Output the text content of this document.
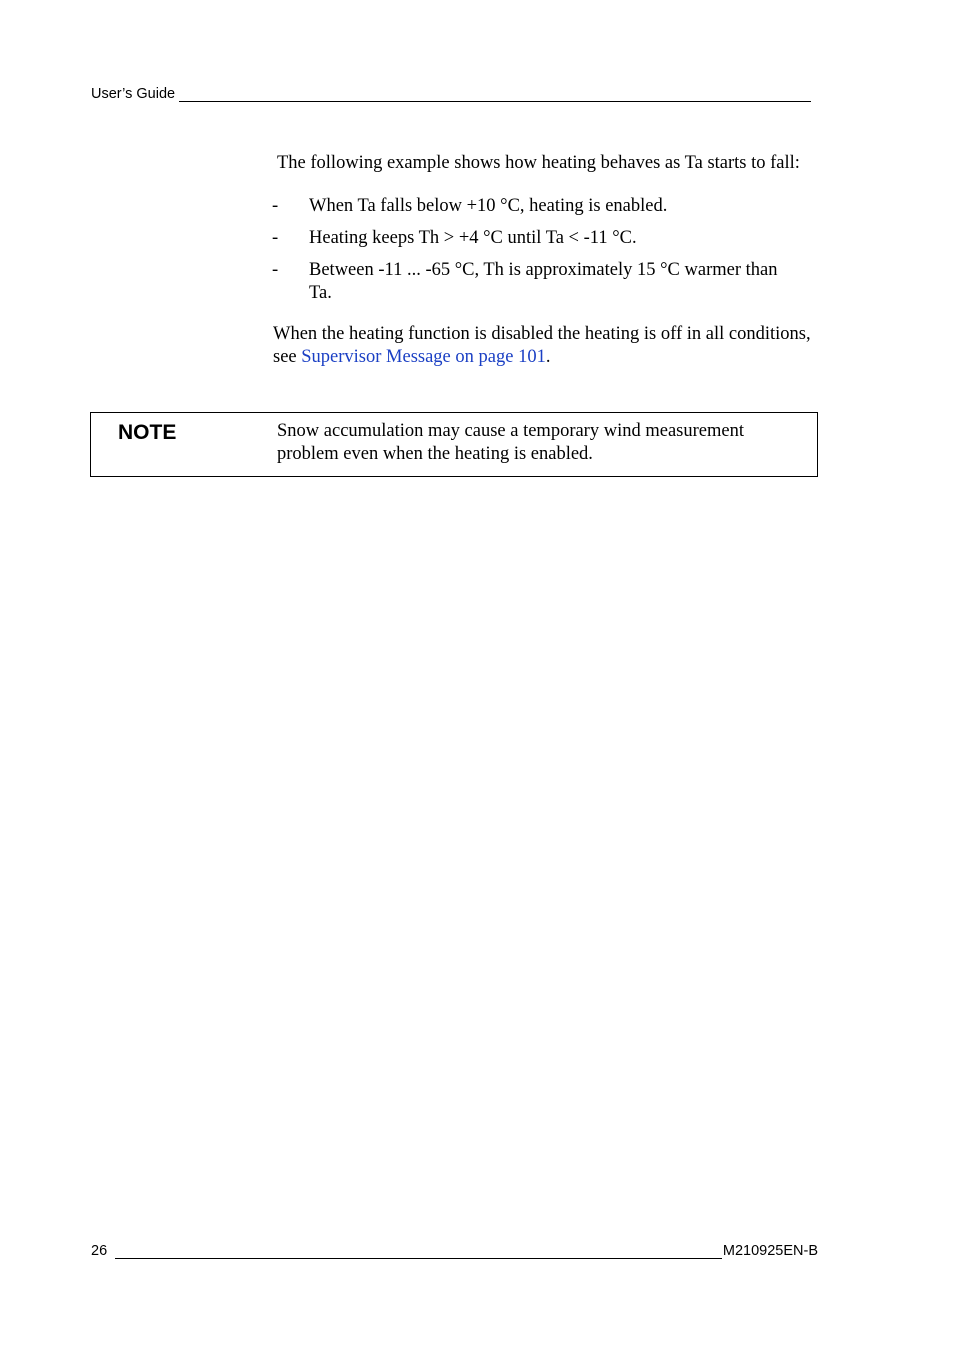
User’s Guide

The following example shows how heating behaves as Ta starts to fall:

-	When Ta falls below +10 °C, heating is enabled.
-	Heating keeps Th > +4 °C until Ta < -11 °C.
-	Between -11 ... -65 °C, Th is approximately 15 °C warmer than Ta.

When the heating function is disabled the heating is off in all conditions, see Supervisor Message on page 101.

NOTE	Snow accumulation may cause a temporary wind measurement problem even when the heating is enabled.
26	M210925EN-B
